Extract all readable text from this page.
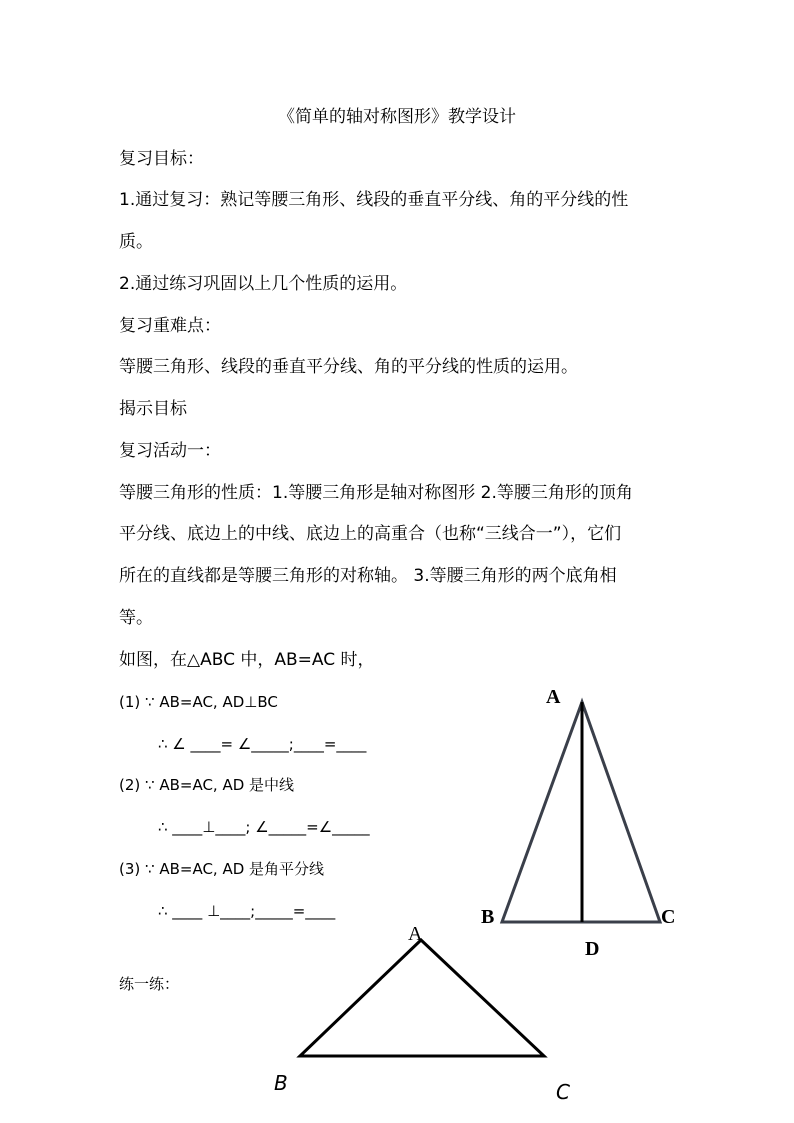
《简单的轴对称图形》教学设计
复习目标：
1.通过复习：熟记等腰三角形、线段的垂直平分线、角的平分线的性
质。
2.通过练习巩固以上几个性质的运用。
复习重难点：
等腰三角形、线段的垂直平分线、角的平分线的性质的运用。
揭示目标
复习活动一：
等腰三角形的性质：1.等腰三角形是轴对称图形 2.等腰三角形的顶角
平分线、底边上的中线、底边上的高重合（也称“三线合一”），它们
所在的直线都是等腰三角形的对称轴。 3.等腰三角形的两个底角相
等。
如图，在△ABC 中，AB=AC 时，
(1) ∵ AB=AC, AD⊥BC
∴ ∠ ____= ∠_____;____=____
(2) ∵ AB=AC, AD 是中线
∴ ____⊥____; ∠_____=∠_____
(3) ∵ AB=AC, AD 是角平分线
∴ ____ ⊥____;_____=____
练一练：
A
B	C
D
A
B	C
